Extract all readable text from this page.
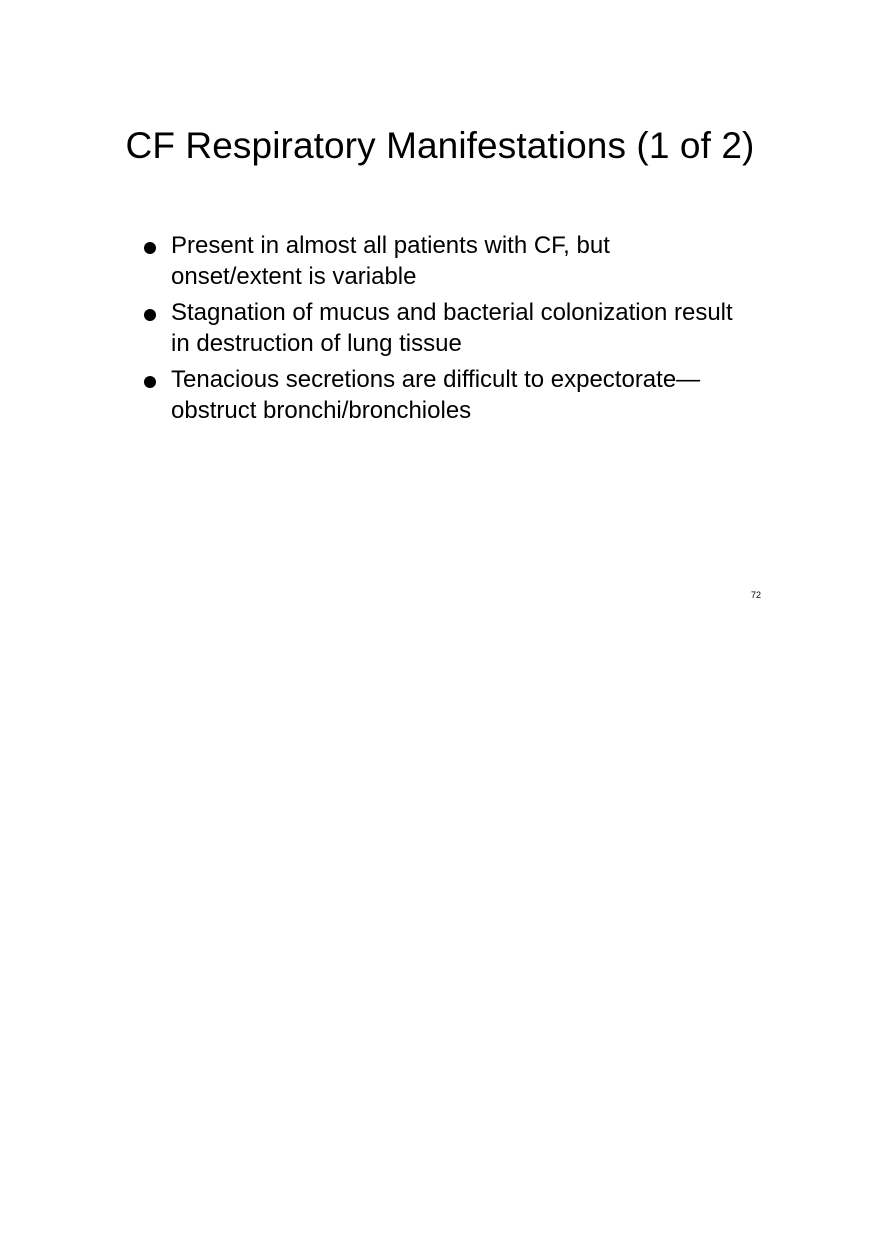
CF Respiratory Manifestations (1 of 2)
Present in almost all patients with CF, but onset/extent is variable
Stagnation of mucus and bacterial colonization result in destruction of lung tissue
Tenacious secretions are difficult to expectorate—obstruct bronchi/bronchioles
72
